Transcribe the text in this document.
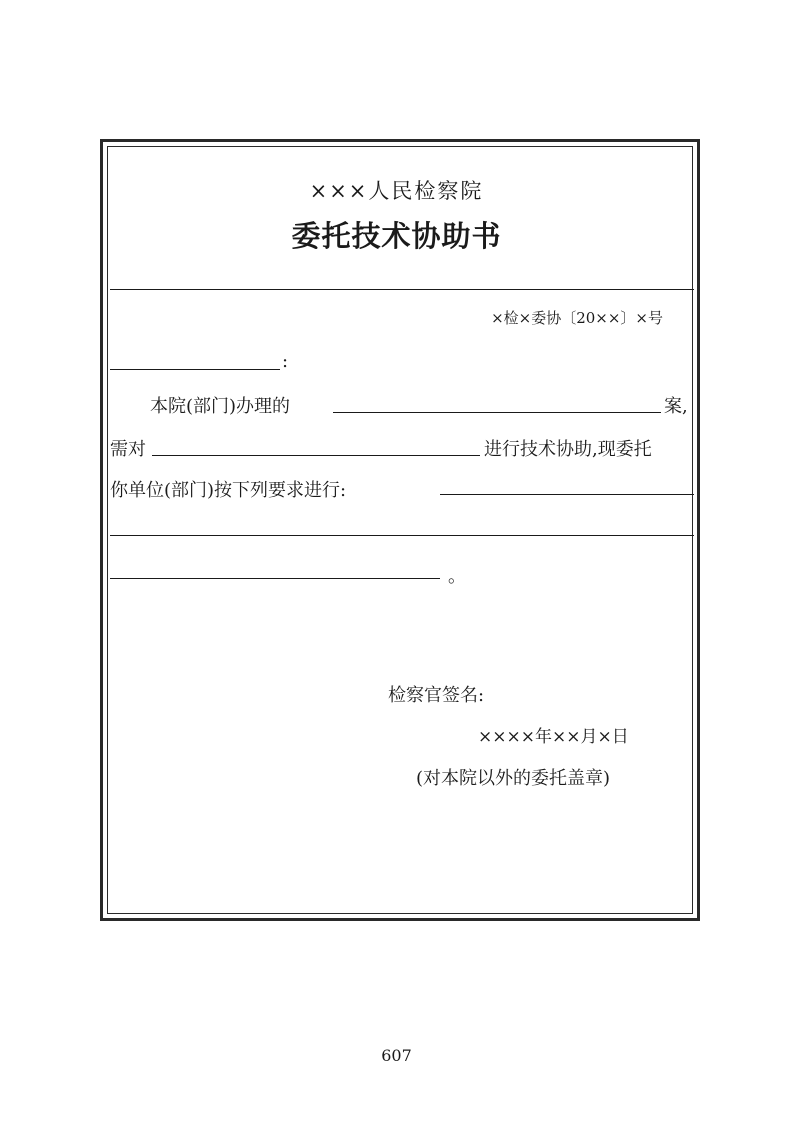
×××人民检察院
委托技术协助书
×检×委协〔20××〕×号
:
本院(部门)办理的	案,
需对	进行技术协助,现委托
你单位(部门)按下列要求进行:
。
检察官签名:
××××年××月×日
(对本院以外的委托盖章)
607
